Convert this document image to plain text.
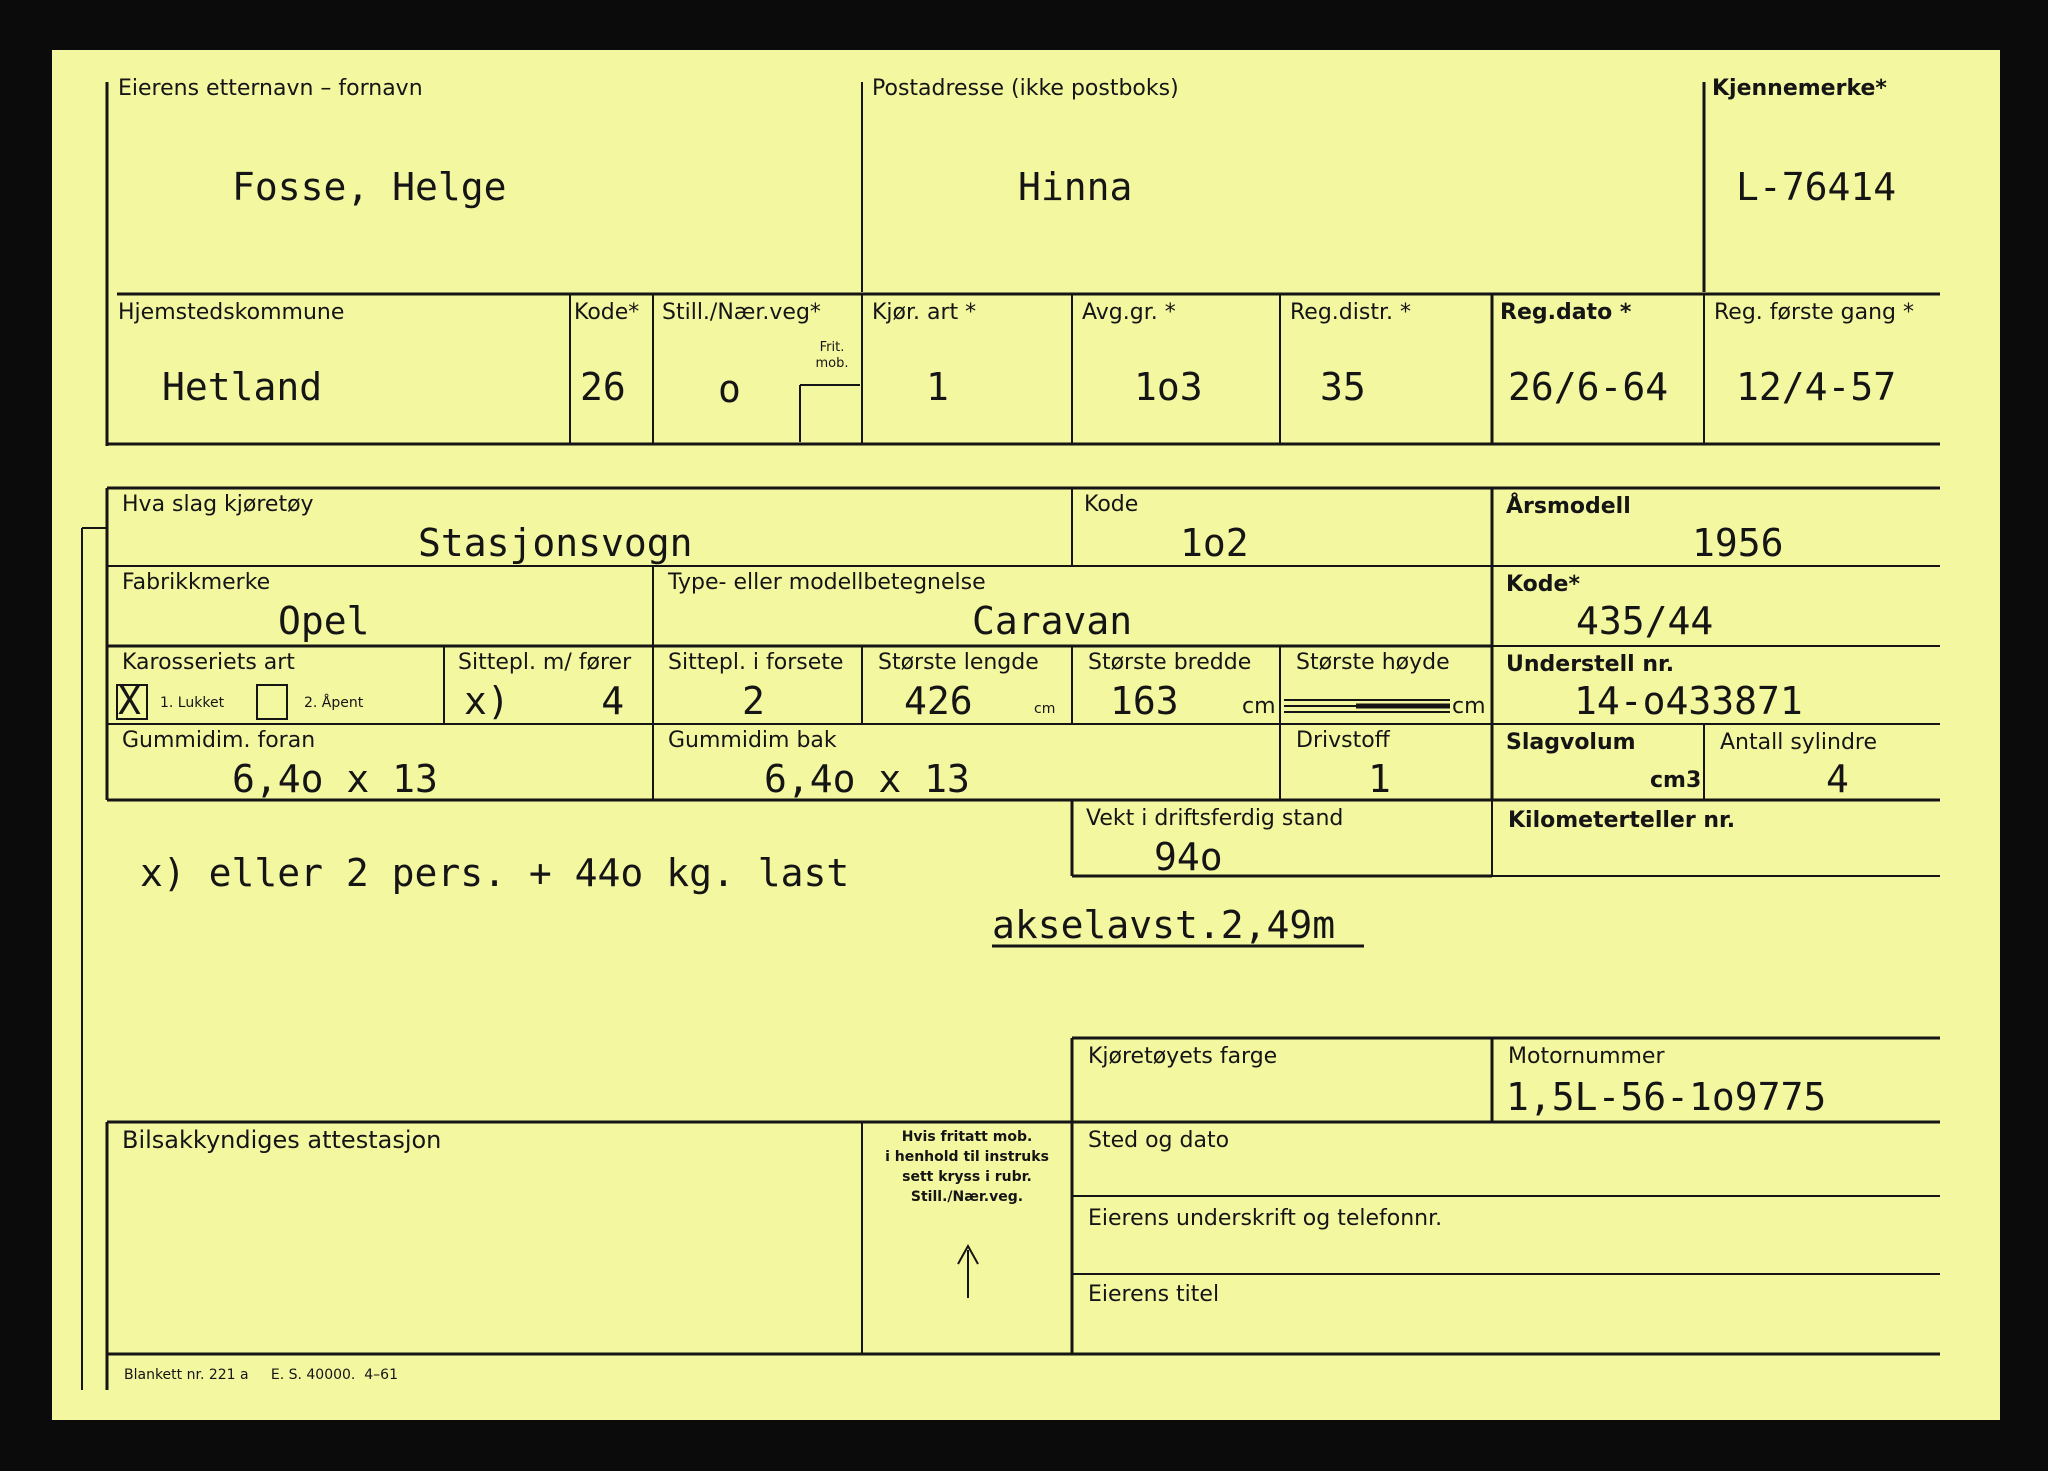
Eierens etternavn – fornavn
Fosse, Helge
Postadresse (ikke postboks)
Hinna
Kjennemerke*
L-76414
Hjemstedskommune
Hetland
Kode*
26
Still./Nær.veg*
o
Frit. mob.
Kjør. art *
1
Avg.gr. *
1o3
Reg.distr. *
35
Reg.dato *
26/6-64
Reg. første gang *
12/4-57
Hva slag kjøretøy
Stasjonsvogn
Kode
1o2
Årsmodell
1956
Fabrikkmerke
Opel
Type- eller modellbetegnelse
Caravan
Kode*
435/44
Karosseriets art
X 1. Lukket	2. Åpent
Sittepl. m/ fører
x)    4
Sittepl. i forsete
2
Største lengde
426	cm
Største bredde
163	cm
Største høyde
cm
Understell nr.
14-o433871
Gummidim. foran
6,4o x 13
Gummidim bak
6,4o x 13
Drivstoff
1
Slagvolum
cm3
Antall sylindre
4
Vekt i driftsferdig stand
94o
Kilometerteller nr.
x) eller 2 pers. + 44o kg. last
akselavst.2,49m
Kjøretøyets farge	Motornummer
1,5L-56-1o9775
Bilsakkyndiges attestasjon	Hvis fritatt mob.
i henhold til instruks
sett kryss i rubr.
Still./Nær.veg.
Sted og dato
Eierens underskrift og telefonnr.
Eierens titel
Blankett nr. 221 a     E. S. 40000.  4–61
